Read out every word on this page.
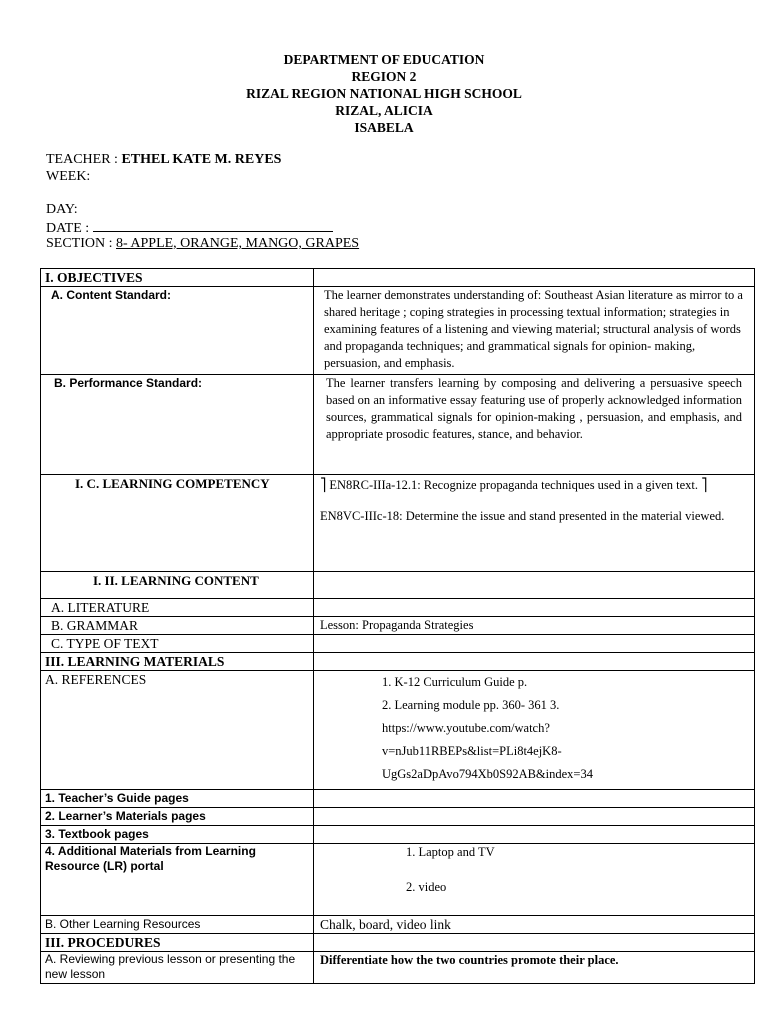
DEPARTMENT OF EDUCATION
REGION 2
RIZAL REGION NATIONAL HIGH SCHOOL
RIZAL, ALICIA
ISABELA
TEACHER : ETHEL KATE M. REYES
WEEK:
DAY:
DATE :
SECTION : 8- APPLE, ORANGE, MANGO, GRAPES
I. OBJECTIVES	
A. Content Standard:	The learner demonstrates understanding of: Southeast Asian literature as mirror to a shared heritage ; coping strategies in processing textual information; strategies in examining features of a listening and viewing material; structural analysis of words and propaganda techniques; and grammatical signals for opinion- making, persuasion, and emphasis.
B. Performance Standard:	The learner transfers learning by composing and delivering a persuasive speech based on an informative essay featuring use of properly acknowledged information sources, grammatical signals for opinion-making , persuasion, and emphasis, and appropriate prosodic features, stance, and behavior.
I. C. LEARNING COMPETENCY	⎤ EN8RC-IIIa-12.1: Recognize propaganda techniques used in a given text. ⎤
EN8VC-IIIc-18: Determine the issue and stand presented in the material viewed.

I. II. LEARNING CONTENT	
A. LITERATURE	
B. GRAMMAR	Lesson: Propaganda Strategies
C. TYPE OF TEXT	
III. LEARNING MATERIALS	
A. REFERENCES	1. K-12 Curriculum Guide p.

2. Learning module pp. 360- 361 3.

https://www.youtube.com/watch?

v=nJub11RBEPs&list=PLi8t4ejK8-

UgGs2aDpAvo794Xb0S92AB&index=34

1. Teacher’s Guide pages	
2. Learner’s Materials pages	
3. Textbook pages	
4. Additional Materials from Learning Resource (LR) portal	1. Laptop and TV
2. video

B. Other Learning Resources	Chalk, board, video link
III. PROCEDURES	
A. Reviewing previous lesson or presenting the new lesson	Differentiate how the two countries promote their place.
